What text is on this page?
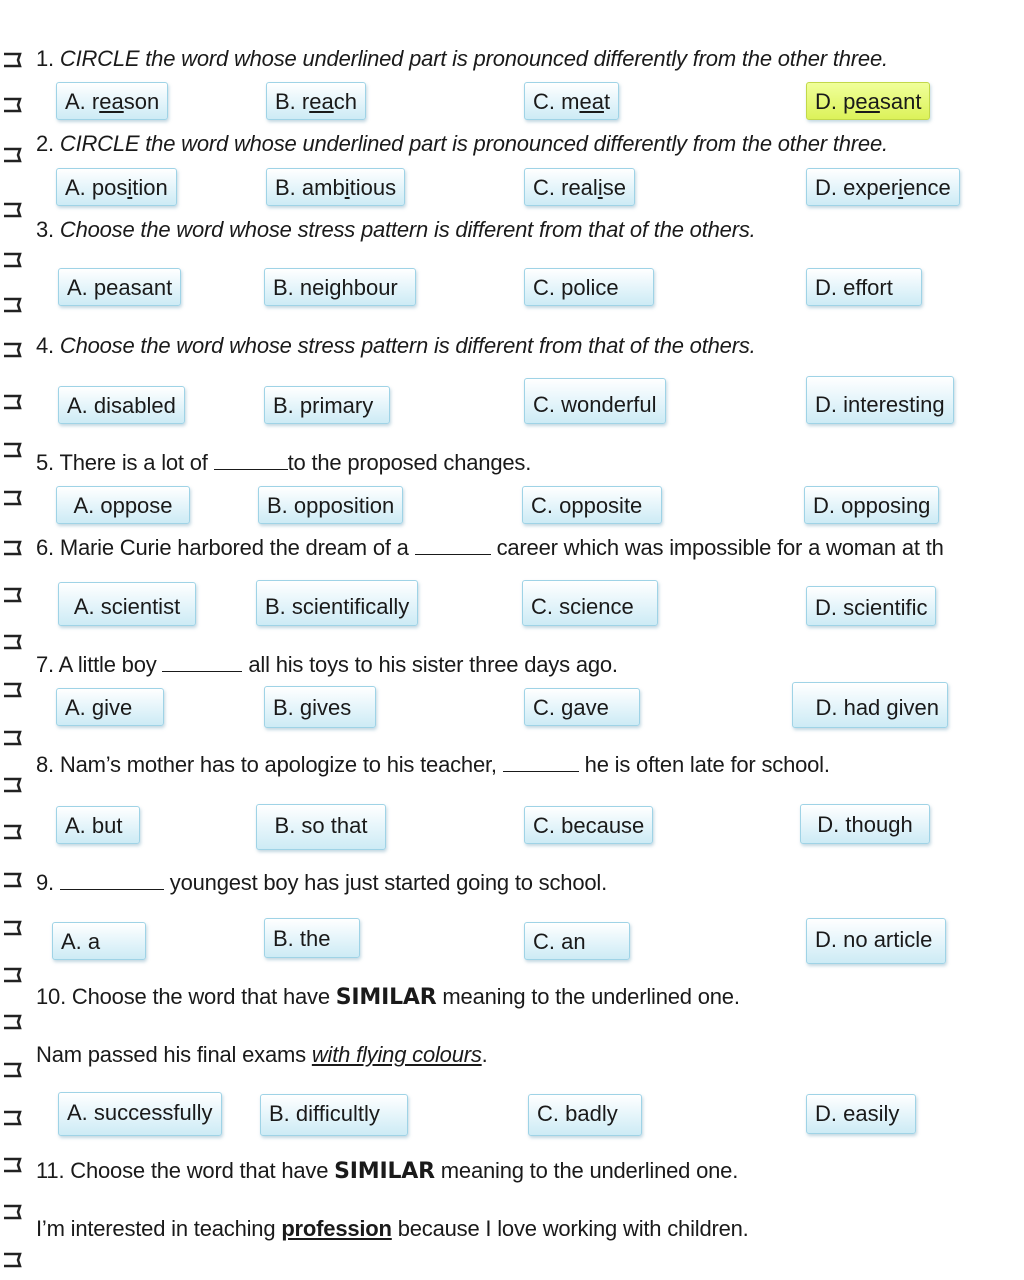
1. CIRCLE the word whose underlined part is pronounced differently from the other three.
A. reason	B. reach	C. meat	D. peasant
2. CIRCLE the word whose underlined part is pronounced differently from the other three.
A. position	B. ambitious	C. realise	D. experience
3. Choose the word whose stress pattern is different from that of the others.
A. peasant	B. neighbour	C. police	D. effort
4. Choose the word whose stress pattern is different from that of the others.
A. disabled	B. primary	C. wonderful	D. interesting
5. There is a lot of	to the proposed changes.
A. oppose	B. opposition	C. opposite	D. opposing
6. Marie Curie harbored the dream of a	career which was impossible for a woman at th
A. scientist	B. scientifically	C. science	D. scientific
7. A little boy	all his toys to his sister three days ago.
A. give	B. gives	C. gave	D. had given
8. Nam’s mother has to apologize to his teacher,	he is often late for school.
A. but	B. so that	C. because	D. though
9.	youngest boy has just started going to school.
A. a	B. the	C. an	D. no article
10. Choose the word that have SIMILAR meaning to the underlined one.
Nam passed his final exams with flying colours.
A. successfully	B. difficultly	C. badly	D. easily
11. Choose the word that have SIMILAR meaning to the underlined one.
I’m interested in teaching profession because I love working with children.
